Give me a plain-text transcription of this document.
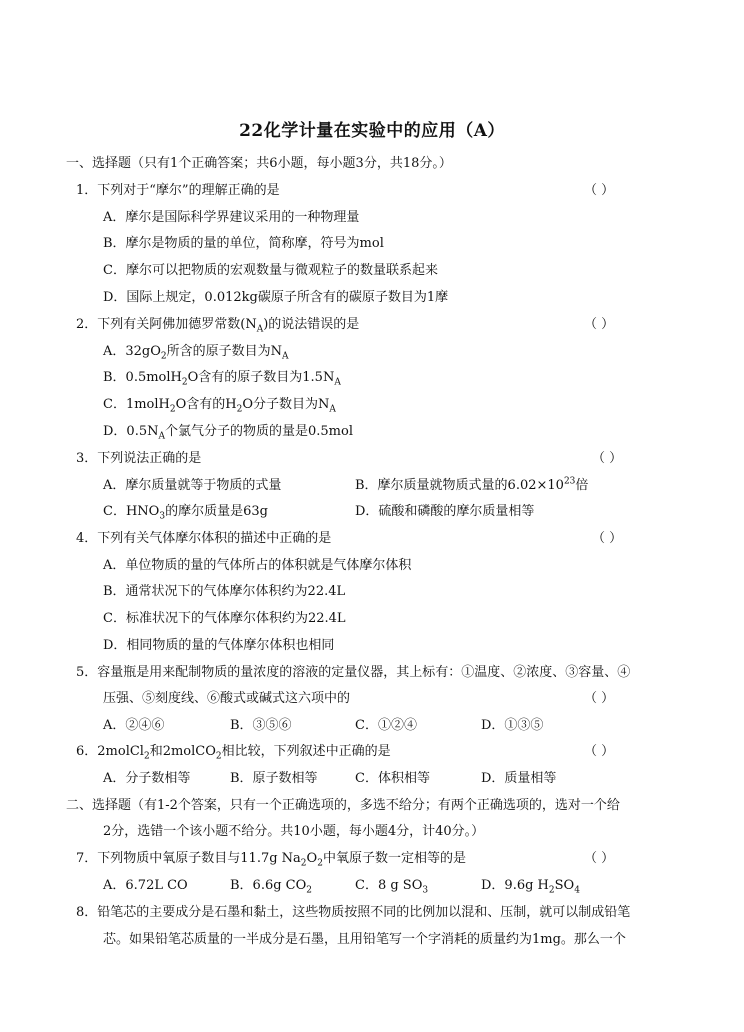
22化学计量在实验中的应用（A）
一、选择题（只有1个正确答案；共6小题，每小题3分，共18分。）
1．下列对于“摩尔”的理解正确的是	（ ）
A．摩尔是国际科学界建议采用的一种物理量
B．摩尔是物质的量的单位，简称摩，符号为mol
C．摩尔可以把物质的宏观数量与微观粒子的数量联系起来
D．国际上规定，0.012kg碳原子所含有的碳原子数目为1摩
2．下列有关阿佛加德罗常数$(N_A)$的说法错误的是	（ ）
A．$32gO_2$所含的原子数目为$N_A$
B．0.5molH$_2$O含有的原子数目为$1.5N_A$
C．1molH$_2$O含有的$H_2O$分子数目为$N_A$
D．$0.5N_A$个氯气分子的物质的量是0.5mol
3．下列说法正确的是	（ ）
A．摩尔质量就等于物质的式量	B．摩尔质量就物质式量的$6.02\times 10^{23}$倍
C．$HNO_3$的摩尔质量是63g	D．硫酸和磷酸的摩尔质量相等
4．下列有关气体摩尔体积的描述中正确的是	（ ）
A．单位物质的量的气体所占的体积就是气体摩尔体积
B．通常状况下的气体摩尔体积约为22.4L
C．标准状况下的气体摩尔体积约为22.4L
D．相同物质的量的气体摩尔体积也相同
5．容量瓶是用来配制物质的量浓度的溶液的定量仪器，其上标有：①温度、②浓度、③容量、④
压强、⑤刻度线、⑥酸式或碱式这六项中的	（ ）
A．②④⑥	B．③⑤⑥	C．①②④	D．①③⑤
6．2molCl$_2$和2molCO$_2$相比较，下列叙述中正确的是	（ ）
A．分子数相等	B．原子数相等	C．体积相等	D．质量相等
二、选择题（有1-2个答案，只有一个正确选项的，多选不给分；有两个正确选项的，选对一个给
2分，选错一个该小题不给分。共10小题，每小题4分，计40分。）
7．下列物质中氧原子数目与11.7g $Na_2O_2$中氧原子数一定相等的是	（ ）
A．6.72L CO	B．6.6g $CO_2$	C．8 g $SO_3$	D．9.6g $H_2SO_4$
8．铅笔芯的主要成分是石墨和黏土，这些物质按照不同的比例加以混和、压制，就可以制成铅笔
芯。如果铅笔芯质量的一半成分是石墨，且用铅笔写一个字消耗的质量约为1mg。那么一个
